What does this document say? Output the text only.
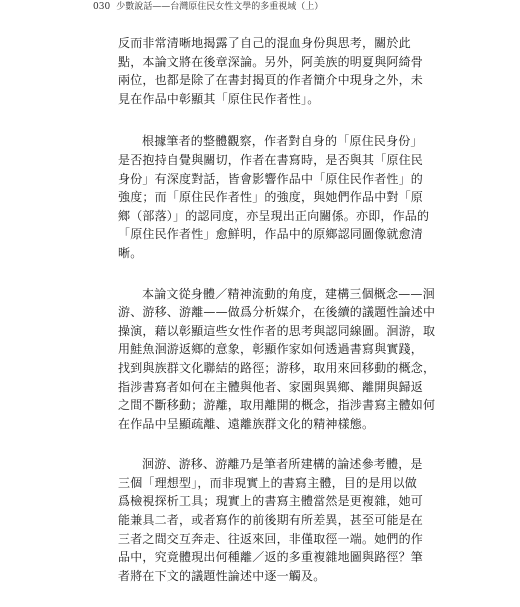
030 少數說話——台灣原住民女性文學的多重視域（上）

反而非常清晰地揭露了自己的混血身份與思考，關於此
點，本論文將在後章深論。另外，阿美族的明夏與阿綺骨
兩位，也都是除了在書封揭頁的作者簡介中現身之外，未
見在作品中彰顯其「原住民作者性」。

根據筆者的整體觀察，作者對自身的「原住民身份」
是否抱持自覺與關切，作者在書寫時，是否與其「原住民
身份」有深度對話，皆會影響作品中「原住民作者性」的
強度；而「原住民作者性」的強度，與她們作品中對「原
鄉（部落）」的認同度，亦呈現出正向關係。亦即，作品的
「原住民作者性」愈鮮明，作品中的原鄉認同圖像就愈清
晰。

本論文從身體／精神流動的角度，建構三個概念——洄
游、游移、游離——做爲分析媒介，在後續的議題性論述中
操演，藉以彰顯這些女性作者的思考與認同線圖。洄游，取
用鮭魚洄游返鄉的意象，彰顯作家如何透過書寫與實踐，
找到與族群文化聯結的路徑；游移，取用來回移動的概念，
指涉書寫者如何在主體與他者、家園與異鄉、離開與歸返
之間不斷移動；游離，取用離開的概念，指涉書寫主體如何
在作品中呈顯疏離、遠離族群文化的精神樣態。

洄游、游移、游離乃是筆者所建構的論述參考體，是
三個「理想型」，而非現實上的書寫主體，目的是用以做
爲檢視探析工具；現實上的書寫主體當然是更複雜，她可
能兼具二者，或者寫作的前後期有所差異，甚至可能是在
三者之間交互奔走、往返來回，非僅取徑一端。她們的作
品中，究竟體現出何種離／返的多重複雜地圖與路徑？筆
者將在下文的議題性論述中逐一觸及。
